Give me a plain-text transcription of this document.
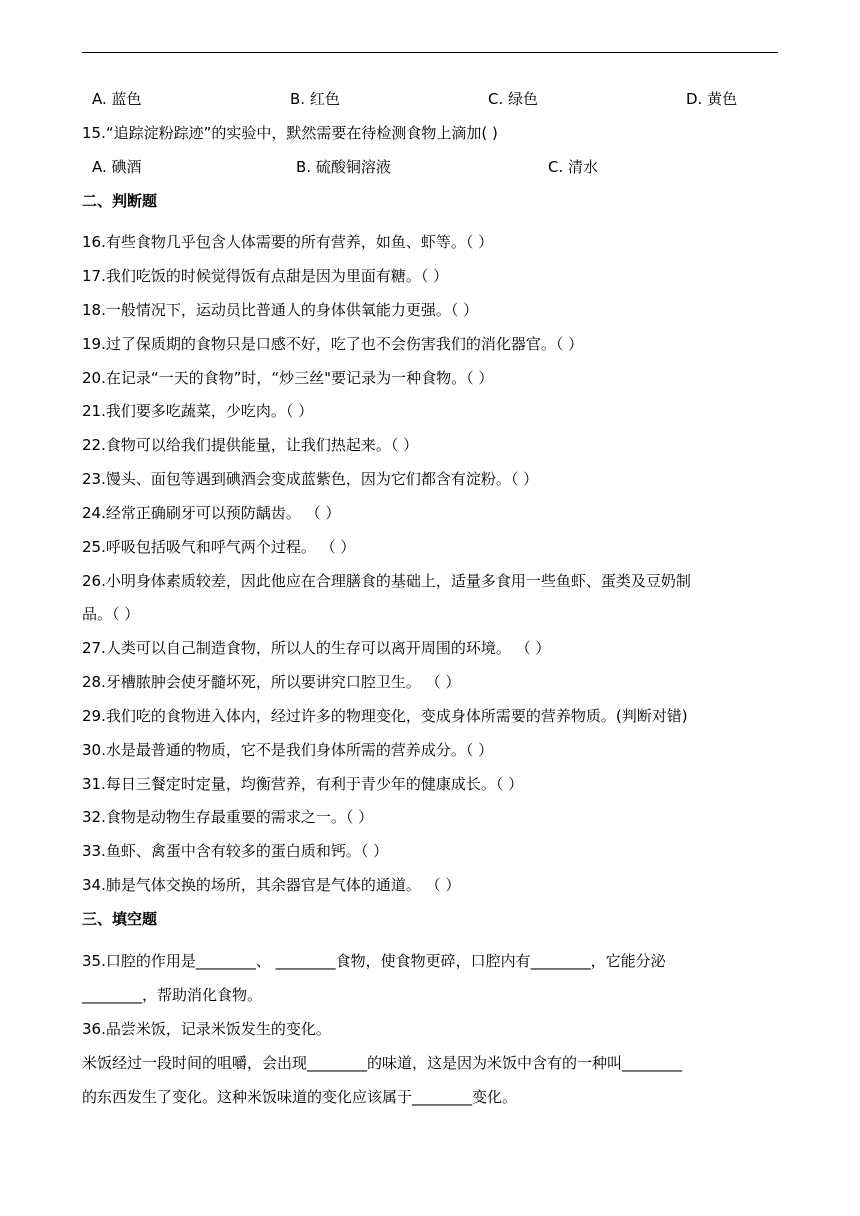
A. 蓝色	B. 红色	C. 绿色	D. 黄色
15.“追踪淀粉踪迹”的实验中，默然需要在待检测食物上滴加( )
A. 碘酒	B. 硫酸铜溶液	C. 清水
二、判断题
16.有些食物几乎包含人体需要的所有营养，如鱼、虾等。（ ）
17.我们吃饭的时候觉得饭有点甜是因为里面有糖。（ ）
18.一般情况下，运动员比普通人的身体供氧能力更强。（ ）
19.过了保质期的食物只是口感不好，吃了也不会伤害我们的消化器官。（ ）
20.在记录“一天的食物”时，“炒三丝"要记录为一种食物。（ ）
21.我们要多吃蔬菜，少吃肉。（ ）
22.食物可以给我们提供能量，让我们热起来。（ ）
23.馒头、面包等遇到碘酒会变成蓝紫色，因为它们都含有淀粉。（ ）
24.经常正确刷牙可以预防龋齿。 （ ）
25.呼吸包括吸气和呼气两个过程。 （ ）
26.小明身体素质较差，因此他应在合理膳食的基础上，适量多食用一些鱼虾、蛋类及豆奶制
品。（ ）
27.人类可以自己制造食物，所以人的生存可以离开周围的环境。 （ ）
28.牙槽脓肿会使牙髓坏死，所以要讲究口腔卫生。 （ ）
29.我们吃的食物进入体内，经过许多的物理变化，变成身体所需要的营养物质。(判断对错)
30.水是最普通的物质，它不是我们身体所需的营养成分。（ ）
31.每日三餐定时定量，均衡营养，有利于青少年的健康成长。（ ）
32.食物是动物生存最重要的需求之一。（ ）
33.鱼虾、禽蛋中含有较多的蛋白质和钙。（ ）
34.肺是气体交换的场所，其余器官是气体的通道。 （ ）
三、填空题
35.口腔的作用是________、 ________食物，使食物更碎，口腔内有________，它能分泌
________，帮助消化食物。
36.品尝米饭，记录米饭发生的变化。
米饭经过一段时间的咀嚼，会出现________的味道，这是因为米饭中含有的一种叫________
的东西发生了变化。这种米饭味道的变化应该属于________变化。
